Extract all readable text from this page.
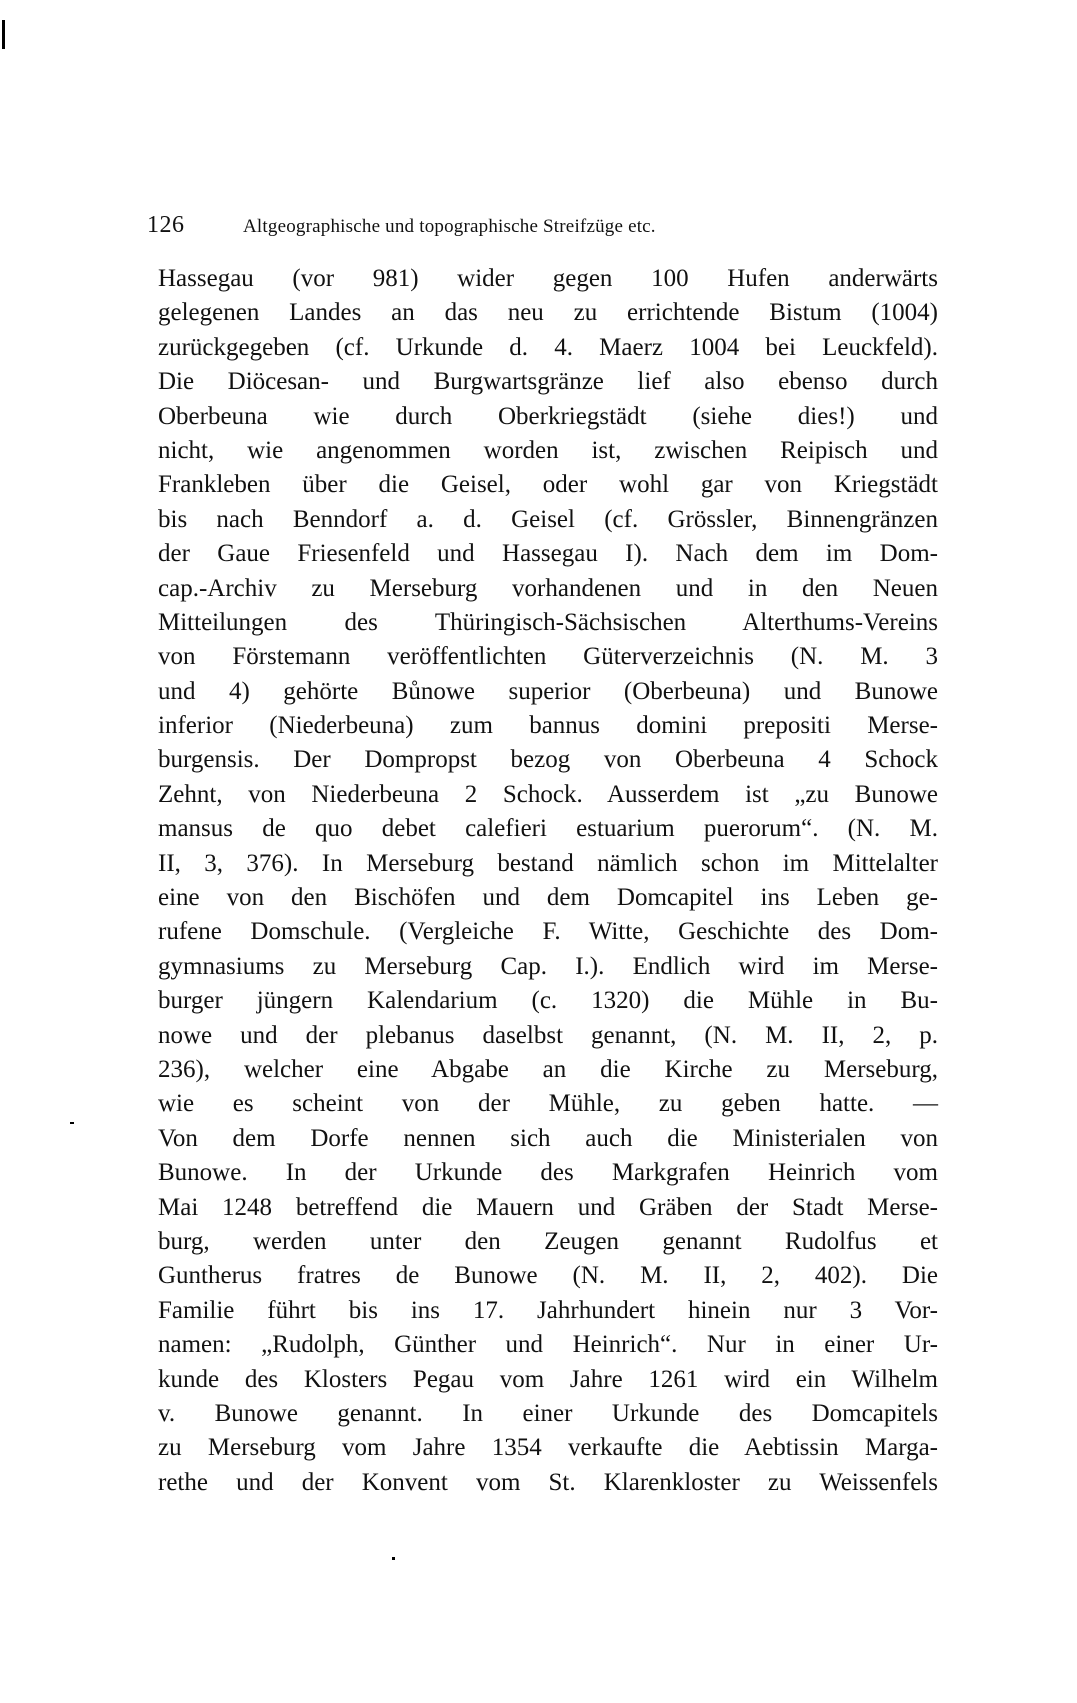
126	Altgeographische und topographische Streifzüge etc.
Hassegau (vor 981) wider gegen 100 Hufen anderwärts
gelegenen Landes an das neu zu errichtende Bistum (1004)
zurückgegeben (cf. Urkunde d. 4. Maerz 1004 bei Leuckfeld).
Die Diöcesan- und Burgwartsgränze lief also ebenso durch
Oberbeuna wie durch Oberkriegstädt (siehe dies!) und
nicht, wie angenommen worden ist, zwischen Reipisch und
Frankleben über die Geisel, oder wohl gar von Kriegstädt
bis nach Benndorf a. d. Geisel (cf. Grössler, Binnengränzen
der Gaue Friesenfeld und Hassegau I). Nach dem im Dom-
cap.-Archiv zu Merseburg vorhandenen und in den Neuen
Mitteilungen des Thüringisch-Sächsischen Alterthums-Vereins
von Förstemann veröffentlichten Güterverzeichnis (N. M. 3
und 4) gehörte Bůnowe superior (Oberbeuna) und Bunowe
inferior (Niederbeuna) zum bannus domini prepositi Merse-
burgensis. Der Dompropst bezog von Oberbeuna 4 Schock
Zehnt, von Niederbeuna 2 Schock. Ausserdem ist „zu Bunowe
mansus de quo debet calefieri estuarium puerorum“. (N. M.
II, 3, 376). In Merseburg bestand nämlich schon im Mittelalter
eine von den Bischöfen und dem Domcapitel ins Leben ge-
rufene Domschule. (Vergleiche F. Witte, Geschichte des Dom-
gymnasiums zu Merseburg Cap. I.). Endlich wird im Merse-
burger jüngern Kalendarium (c. 1320) die Mühle in Bu-
nowe und der plebanus daselbst genannt, (N. M. II, 2, p.
236), welcher eine Abgabe an die Kirche zu Merseburg,
wie es scheint von der Mühle, zu geben hatte. —
Von dem Dorfe nennen sich auch die Ministerialen von
Bunowe. In der Urkunde des Markgrafen Heinrich vom
Mai 1248 betreffend die Mauern und Gräben der Stadt Merse-
burg, werden unter den Zeugen genannt Rudolfus et
Guntherus fratres de Bunowe (N. M. II, 2, 402). Die
Familie führt bis ins 17. Jahrhundert hinein nur 3 Vor-
namen: „Rudolph, Günther und Heinrich“. Nur in einer Ur-
kunde des Klosters Pegau vom Jahre 1261 wird ein Wilhelm
v. Bunowe genannt. In einer Urkunde des Domcapitels
zu Merseburg vom Jahre 1354 verkaufte die Aebtissin Marga-
rethe und der Konvent vom St. Klarenkloster zu Weissenfels
